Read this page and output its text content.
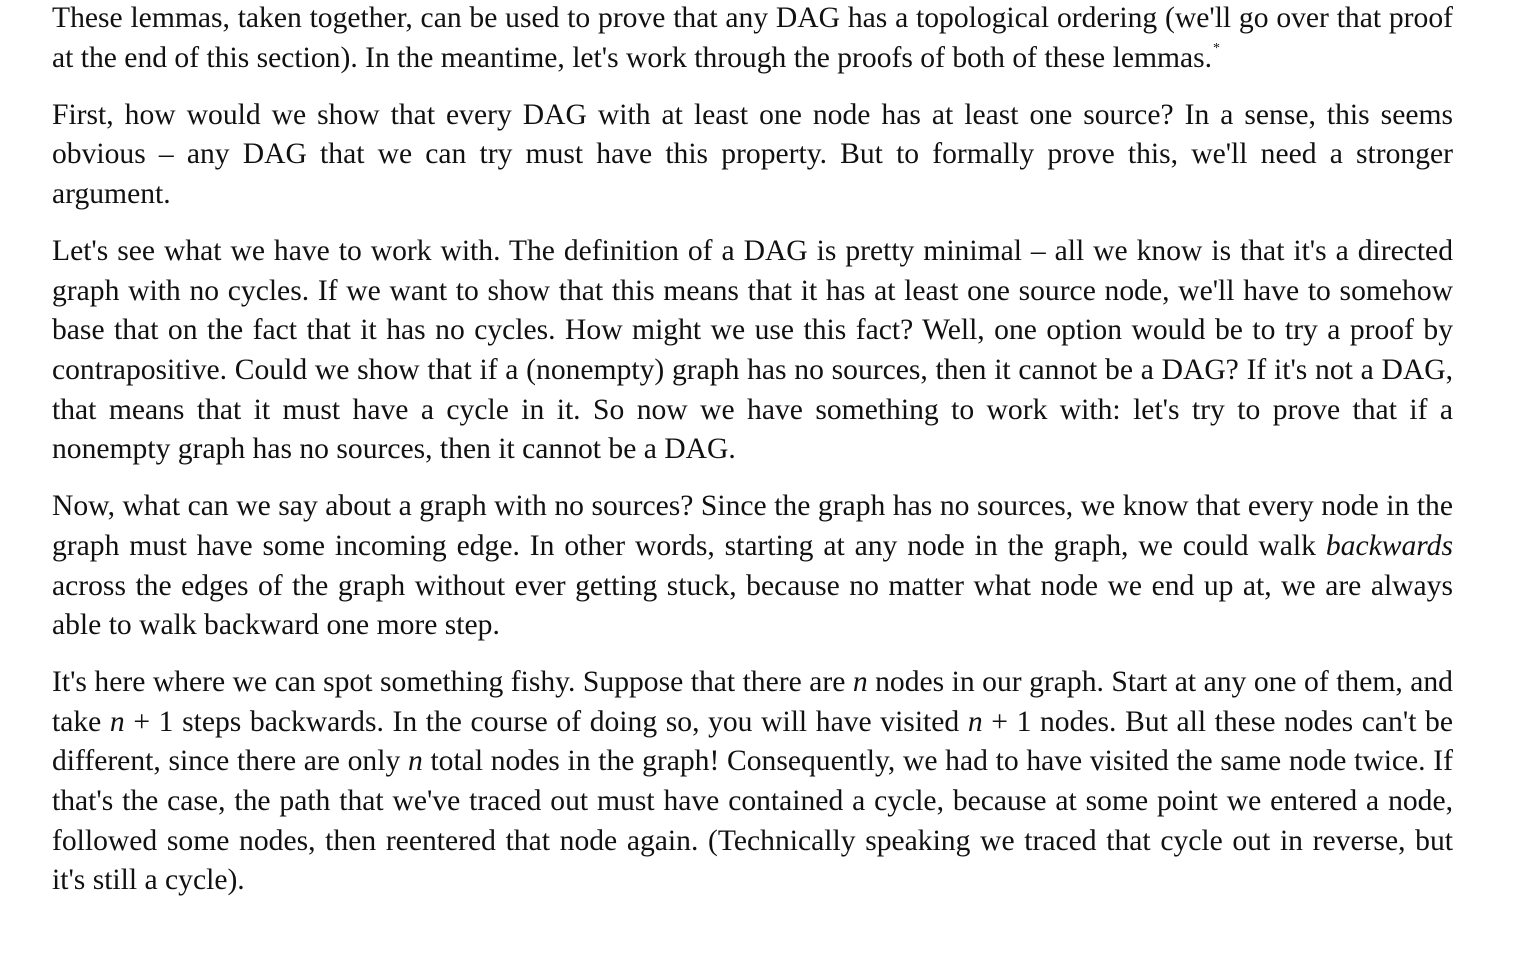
These lemmas, taken together, can be used to prove that any DAG has a topological ordering (we'll go over that proof at the end of this section). In the meantime, let's work through the proofs of both of these lemmas.*

First, how would we show that every DAG with at least one node has at least one source? In a sense, this seems obvious – any DAG that we can try must have this property. But to formally prove this, we'll need a stronger argument.

Let's see what we have to work with. The definition of a DAG is pretty minimal – all we know is that it's a directed graph with no cycles. If we want to show that this means that it has at least one source node, we'll have to somehow base that on the fact that it has no cycles. How might we use this fact? Well, one option would be to try a proof by contrapositive. Could we show that if a (nonempty) graph has no sources, then it cannot be a DAG? If it's not a DAG, that means that it must have a cycle in it. So now we have something to work with: let's try to prove that if a nonempty graph has no sources, then it cannot be a DAG.

Now, what can we say about a graph with no sources? Since the graph has no sources, we know that every node in the graph must have some incoming edge. In other words, starting at any node in the graph, we could walk backwards across the edges of the graph without ever getting stuck, because no matter what node we end up at, we are always able to walk backward one more step.

It's here where we can spot something fishy. Suppose that there are n nodes in our graph. Start at any one of them, and take n + 1 steps backwards. In the course of doing so, you will have visited n + 1 nodes. But all these nodes can't be different, since there are only n total nodes in the graph! Consequently, we had to have visited the same node twice. If that's the case, the path that we've traced out must have contained a cycle, because at some point we entered a node, followed some nodes, then reentered that node again. (Technically speaking we traced that cycle out in reverse, but it's still a cycle).
